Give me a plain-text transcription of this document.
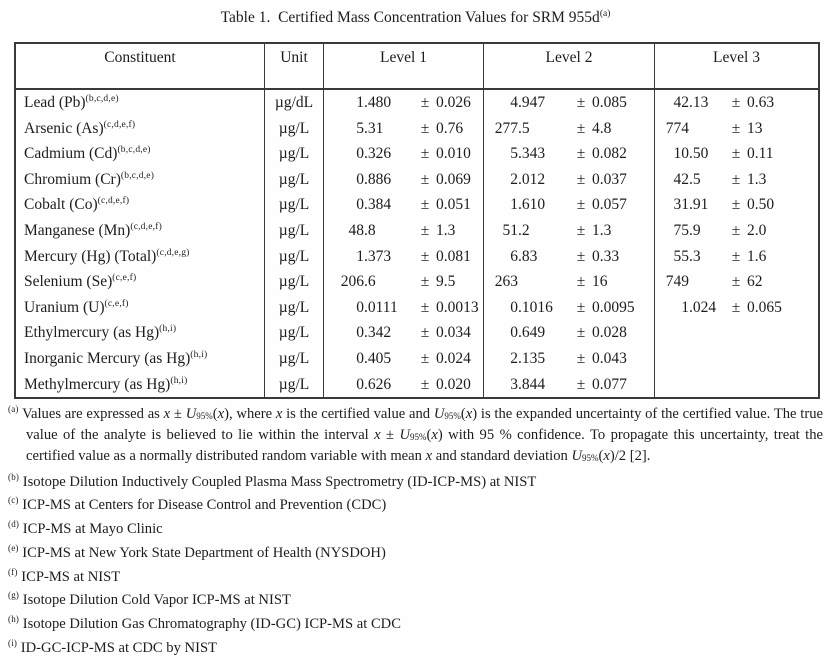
Table 1.  Certified Mass Concentration Values for SRM $955d^{(a)}$
Constituent	Unit	Level 1	Level 2	Level 3
Lead $(Pb)^{(b,c,d,e)}$	µg/dL	1 .480	± 0.026	4 .947	± 0.085	42 .13	± 0.63
Arsenic $(As)^{(c,d,e,f)}$	µg/L	5 .31	± 0.76	277 .5	± 4.8	774	± 13
Cadmium $(Cd)^{(b,c,d,e)}$	µg/L	0 .326	± 0.010	5 .343	± 0.082	10 .50	± 0.11
Chromium $(Cr)^{(b,c,d,e)}$	µg/L	0 .886	± 0.069	2 .012	± 0.037	42 .5	± 1.3
Cobalt $(Co)^{(c,d,e,f)}$	µg/L	0 .384	± 0.051	1 .610	± 0.057	31 .91	± 0.50
Manganese $(Mn)^{(c,d,e,f)}$	µg/L	48 .8	± 1.3	51 .2	± 1.3	75 .9	± 2.0
Mercury (Hg) (Total)$^{(c,d,e,g)}$	µg/L	1 .373	± 0.081	6 .83	± 0.33	55 .3	± 1.6
Selenium $(Se)^{(c,e,f)}$	µg/L	206 .6	± 9.5	263	± 16	749	± 62
Uranium $(U)^{(c,e,f)}$	µg/L	0 .0111	± 0.0013	0 .1016	± 0.0095	1 .024	± 0.065
Ethylmercury (as Hg)$^{(h,i)}$	µg/L	0 .342	± 0.034	0 .649	± 0.028
Inorganic Mercury (as Hg)$^{(h,i)}$	µg/L	0 .405	± 0.024	2 .135	± 0.043
Methylmercury (as Hg)$^{(h,i)}$	µg/L	0 .626	± 0.020	3 .844	± 0.077
$^{(a)}$ Values are expressed as $x \pm U_{95\%}(x)$, where x is the certified value and $U_{95\%}(x)$ is the expanded uncertainty of the certified value. The true value of the analyte is believed to lie within the interval $x \pm U_{95\%}(x)$ with 95 % confidence. To propagate this uncertainty, treat the certified value as a normally distributed random variable with mean x and standard deviation $U_{95\%}(x)/2$ [2].
$^{(b)}$ Isotope Dilution Inductively Coupled Plasma Mass Spectrometry (ID-ICP-MS) at NIST
$^{(c)}$ ICP-MS at Centers for Disease Control and Prevention (CDC)
$^{(d)}$ ICP-MS at Mayo Clinic
$^{(e)}$ ICP-MS at New York State Department of Health (NYSDOH)
$^{(f)}$ ICP-MS at NIST
$^{(g)}$ Isotope Dilution Cold Vapor ICP-MS at NIST
$^{(h)}$ Isotope Dilution Gas Chromatography (ID-GC) ICP-MS at CDC
$^{(i)}$ ID-GC-ICP-MS at CDC by NIST
